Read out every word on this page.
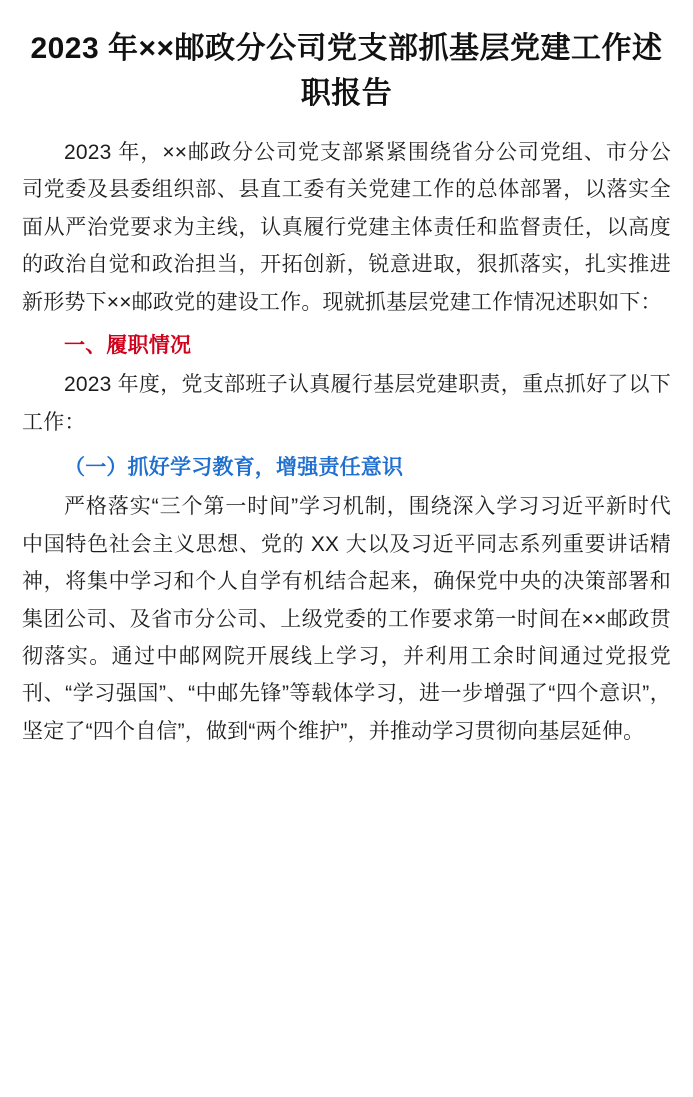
2023 年××邮政分公司党支部抓基层党建工作述职报告

2023 年，××邮政分公司党支部紧紧围绕省分公司党组、市分公司党委及县委组织部、县直工委有关党建工作的总体部署，以落实全面从严治党要求为主线，认真履行党建主体责任和监督责任，以高度的政治自觉和政治担当，开拓创新，锐意进取，狠抓落实，扎实推进新形势下××邮政党的建设工作。现就抓基层党建工作情况述职如下：

一、履职情况

2023 年度，党支部班子认真履行基层党建职责，重点抓好了以下工作：

（一）抓好学习教育，增强责任意识

严格落实“三个第一时间”学习机制，围绕深入学习习近平新时代中国特色社会主义思想、党的 XX 大以及习近平同志系列重要讲话精神，将集中学习和个人自学有机结合起来，确保党中央的决策部署和集团公司、及省市分公司、上级党委的工作要求第一时间在××邮政贯彻落实。通过中邮网院开展线上学习，并利用工余时间通过党报党刊、“学习强国”、“中邮先锋”等载体学习，进一步增强了“四个意识”，坚定了“四个自信”，做到“两个维护”，并推动学习贯彻向基层延伸。
